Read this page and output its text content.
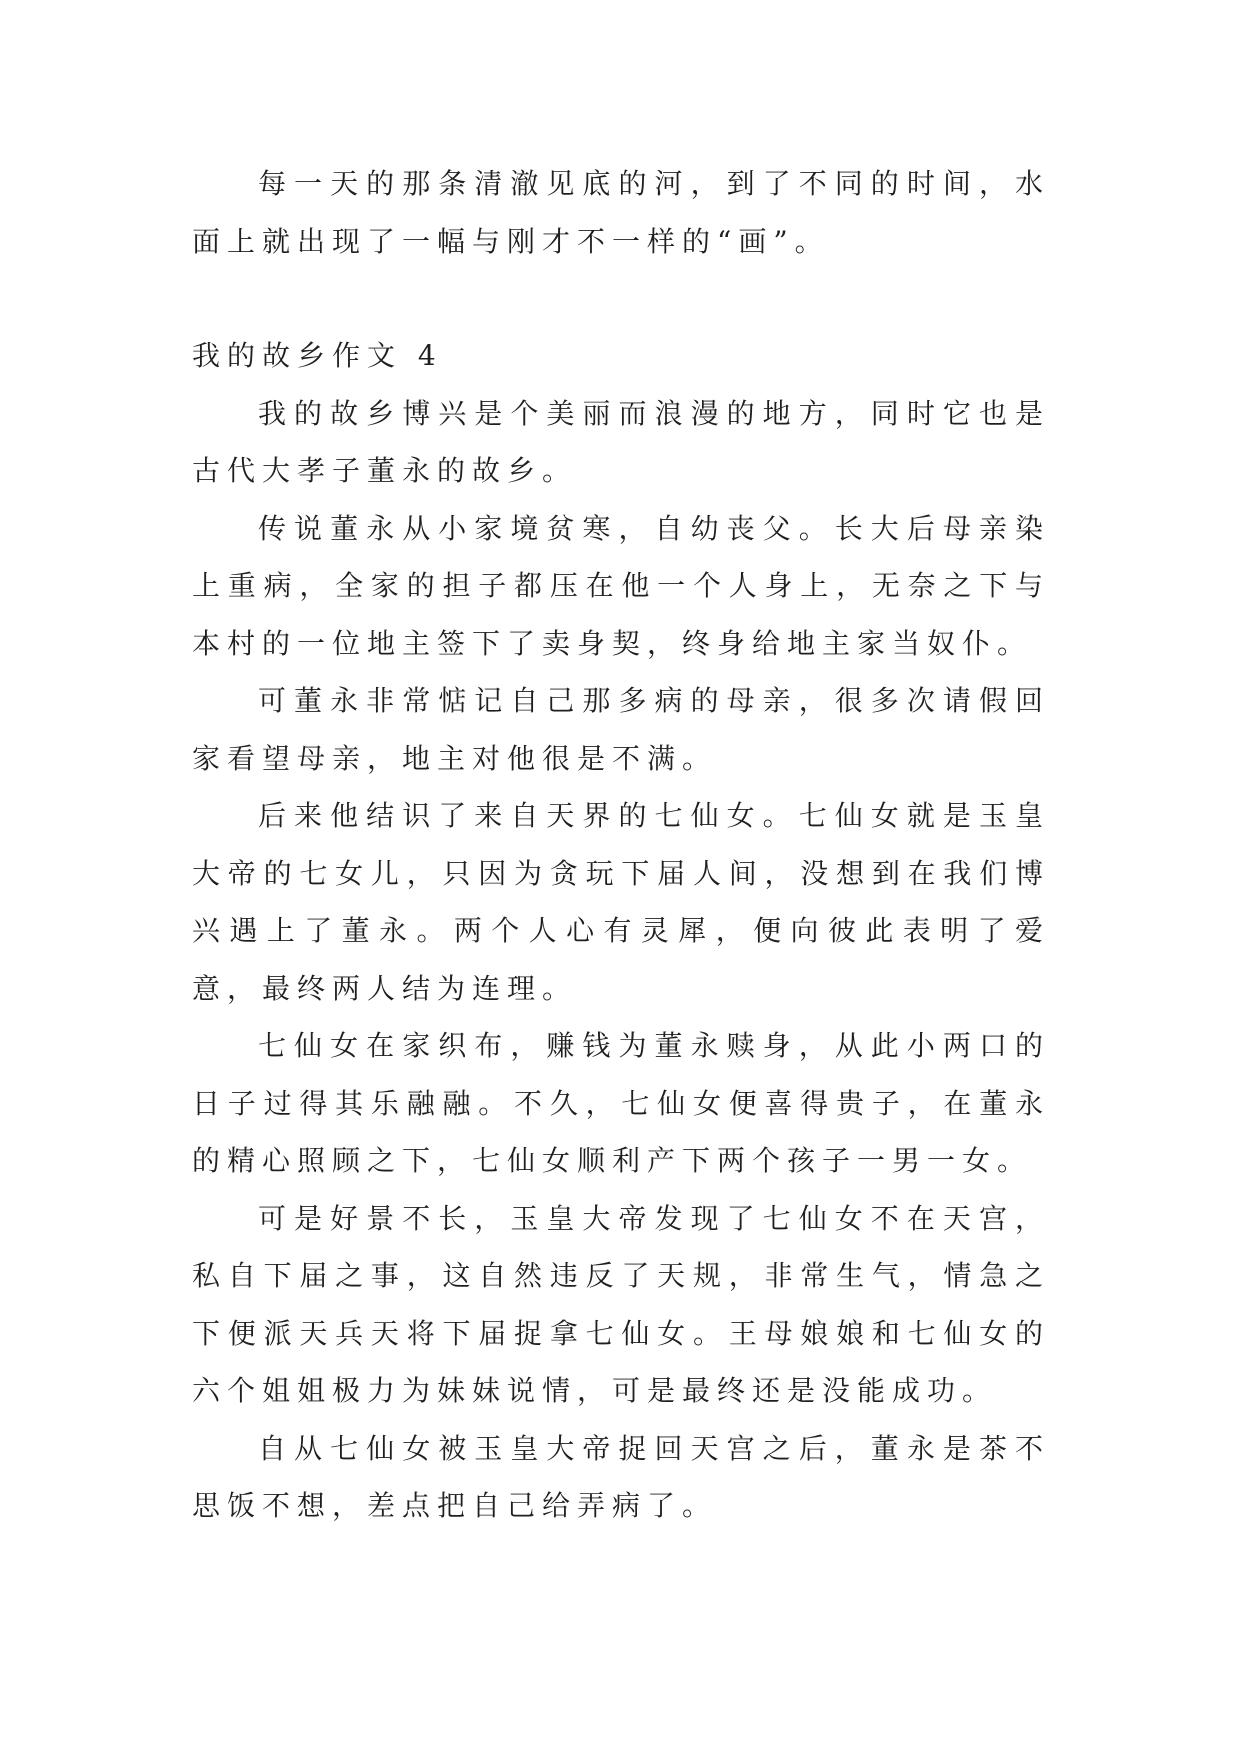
每一天的那条清澈见底的河，到了不同的时间，水面上就出现了一幅与刚才不一样的“画”。

我的故乡作文 4

我的故乡博兴是个美丽而浪漫的地方，同时它也是古代大孝子董永的故乡。

传说董永从小家境贫寒，自幼丧父。长大后母亲染上重病，全家的担子都压在他一个人身上，无奈之下与本村的一位地主签下了卖身契，终身给地主家当奴仆。

可董永非常惦记自己那多病的母亲，很多次请假回家看望母亲，地主对他很是不满。

后来他结识了来自天界的七仙女。七仙女就是玉皇大帝的七女儿，只因为贪玩下届人间，没想到在我们博兴遇上了董永。两个人心有灵犀，便向彼此表明了爱意，最终两人结为连理。

七仙女在家织布，赚钱为董永赎身，从此小两口的日子过得其乐融融。不久，七仙女便喜得贵子，在董永的精心照顾之下，七仙女顺利产下两个孩子一男一女。

可是好景不长，玉皇大帝发现了七仙女不在天宫，私自下届之事，这自然违反了天规，非常生气，情急之下便派天兵天将下届捉拿七仙女。王母娘娘和七仙女的六个姐姐极力为妹妹说情，可是最终还是没能成功。

自从七仙女被玉皇大帝捉回天宫之后，董永是茶不思饭不想，差点把自己给弄病了。
